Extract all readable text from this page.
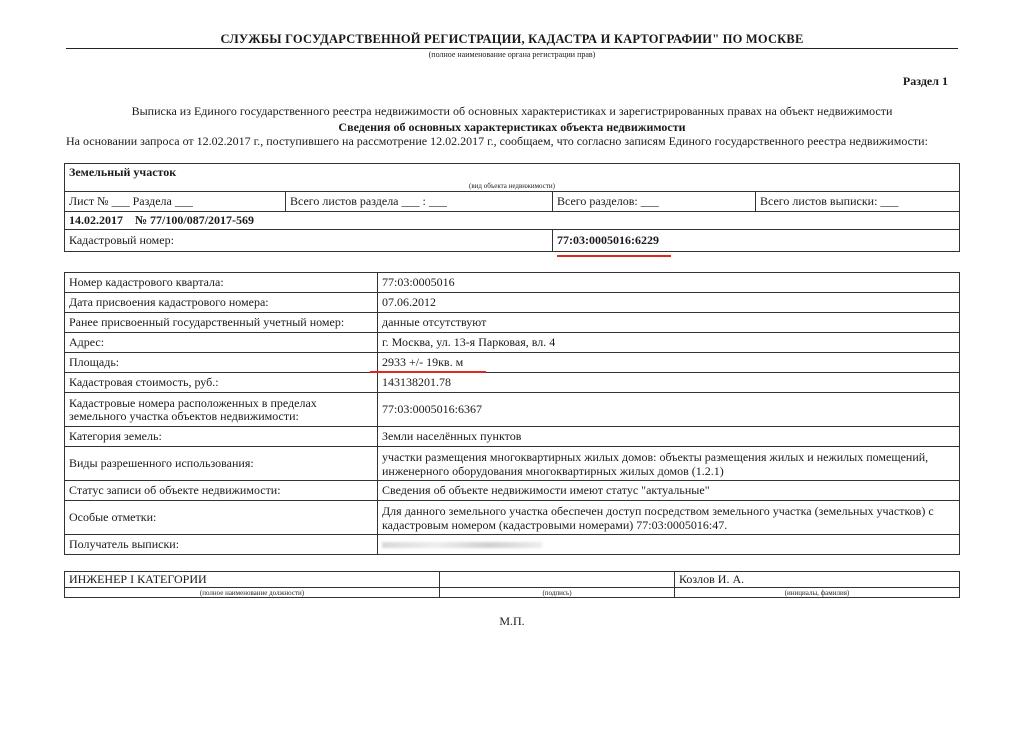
СЛУЖБЫ ГОСУДАРСТВЕННОЙ РЕГИСТРАЦИИ, КАДАСТРА И КАРТОГРАФИИ" ПО МОСКВЕ
(полное наименование органа регистрации прав)
Раздел 1
Выписка из Единого государственного реестра недвижимости об основных характеристиках и зарегистрированных правах на объект недвижимости
Сведения об основных характеристиках объекта недвижимости
На основании запроса от 12.02.2017 г., поступившего на рассмотрение 12.02.2017 г., сообщаем, что согласно записям Единого государственного реестра недвижимости:
Земельный участок			
(вид объекта недвижимости)			
Лист № ___ Раздела ___	Всего листов раздела ___ : ___	Всего разделов: ___	Всего листов выписки: ___
14.02.2017 № 77/100/087/2017-569			
Кадастровый номер:		77:03:0005016:6229	
Номер кадастрового квартала:	77:03:0005016
Дата присвоения кадастрового номера:	07.06.2012
Ранее присвоенный государственный учетный номер:	данные отсутствуют
Адрес:	г. Москва, ул. 13-я Парковая, вл. 4
Площадь:	2933 +/- 19кв. м
Кадастровая стоимость, руб.:	143138201.78
Кадастровые номера расположенных в пределах земельного участка объектов недвижимости:	77:03:0005016:6367
Категория земель:	Земли населённых пунктов
Виды разрешенного использования:	участки размещения многоквартирных жилых домов: объекты размещения жилых и нежилых помещений, инженерного оборудования многоквартирных жилых домов (1.2.1)
Статус записи об объекте недвижимости:	Сведения об объекте недвижимости имеют статус "актуальные"
Особые отметки:	Для данного земельного участка обеспечен доступ посредством земельного участка (земельных участков) с кадастровым номером (кадастровыми номерами) 77:03:0005016:47.
Получатель выписки:	
ИНЖЕНЕР I КАТЕГОРИИ		Козлов И. А.
(полное наименование должности)	(подпись)	(инициалы, фамилия)
М.П.
